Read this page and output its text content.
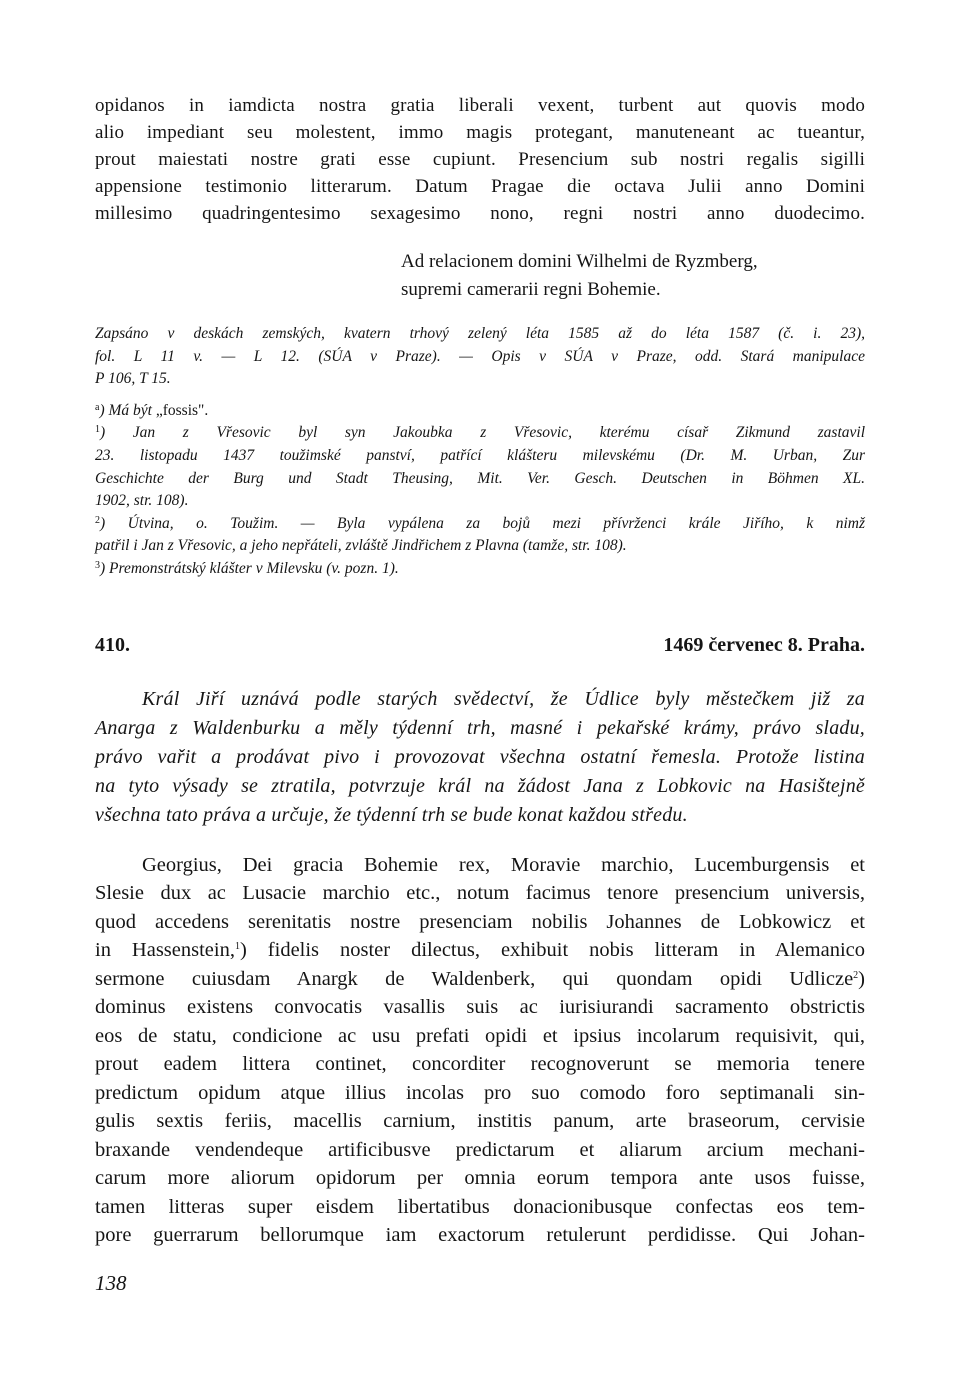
opidanos in iamdicta nostra gratia liberali vexent, turbent aut quovis modo
alio impediant seu molestent, immo magis protegant, manuteneant ac tueantur,
prout maiestati nostre grati esse cupiunt. Presencium sub nostri regalis sigilli
appensione testimonio litterarum. Datum Pragae die octava Julii anno Domini
millesimo quadringentesimo sexagesimo nono, regni nostri anno duodecimo.
Ad relacionem domini Wilhelmi de Ryzmberg,
supremi camerarii regni Bohemie.
Zapsáno v deskách zemských, kvatern trhový zelený léta 1585 až do léta 1587 (č. i. 23),
fol. L 11 v. — L 12. (SÚA v Praze). — Opis v SÚA v Praze, odd. Stará manipulace
P 106, T 15.
$^a$) Má být „fossis".
$^1$) Jan z Vřesovic byl syn Jakoubka z Vřesovic, kterému císař Zikmund zastavil
23. listopadu 1437 toužimské panství, patřící klášteru milevskému (Dr. M. Urban, Zur
Geschichte der Burg und Stadt Theusing, Mit. Ver. Gesch. Deutschen in Böhmen XL.
1902, str. 108).
$^2$) Útvina, o. Toužim. — Byla vypálena za bojů mezi přívrženci krále Jiřího, k nimž
patřil i Jan z Vřesovic, a jeho nepřáteli, zvláště Jindřichem z Plavna (tamže, str. 108).
$^3$) Premonstrátský klášter v Milevsku (v. pozn. 1).
410.	1469 červenec 8. Praha.
Král Jiří uznává podle starých svědectví, že Údlice byly městečkem již za
Anarga z Waldenburku a měly týdenní trh, masné i pekařské krámy, právo sladu,
právo vařit a prodávat pivo i provozovat všechna ostatní řemesla. Protože listina
na tyto výsady se ztratila, potvrzuje král na žádost Jana z Lobkovic na Hasištejně
všechna tato práva a určuje, že týdenní trh se bude konat každou středu.
Georgius, Dei gracia Bohemie rex, Moravie marchio, Lucemburgensis et
Slesie dux ac Lusacie marchio etc., notum facimus tenore presencium universis,
quod accedens serenitatis nostre presenciam nobilis Johannes de Lobkowicz et
in Hassenstein,$^1$) fidelis noster dilectus, exhibuit nobis litteram in Alemanico
sermone cuiusdam Anargk de Waldenberk, qui quondam opidi Udlicze$^2$)
dominus existens convocatis vasallis suis ac iurisiurandi sacramento obstrictis
eos de statu, condicione ac usu prefati opidi et ipsius incolarum requisivit, qui,
prout eadem littera continet, concorditer recognoverunt se memoria tenere
predictum opidum atque illius incolas pro suo comodo foro septimanali sin-
gulis sextis feriis, macellis carnium, institis panum, arte braseorum, cervisie
braxande vendendeque artificibusve predictarum et aliarum arcium mechani-
carum more aliorum opidorum per omnia eorum tempora ante usos fuisse,
tamen litteras super eisdem libertatibus donacionibusque confectas eos tem-
pore guerrarum bellorumque iam exactorum retulerunt perdidisse. Qui Johan-
138
